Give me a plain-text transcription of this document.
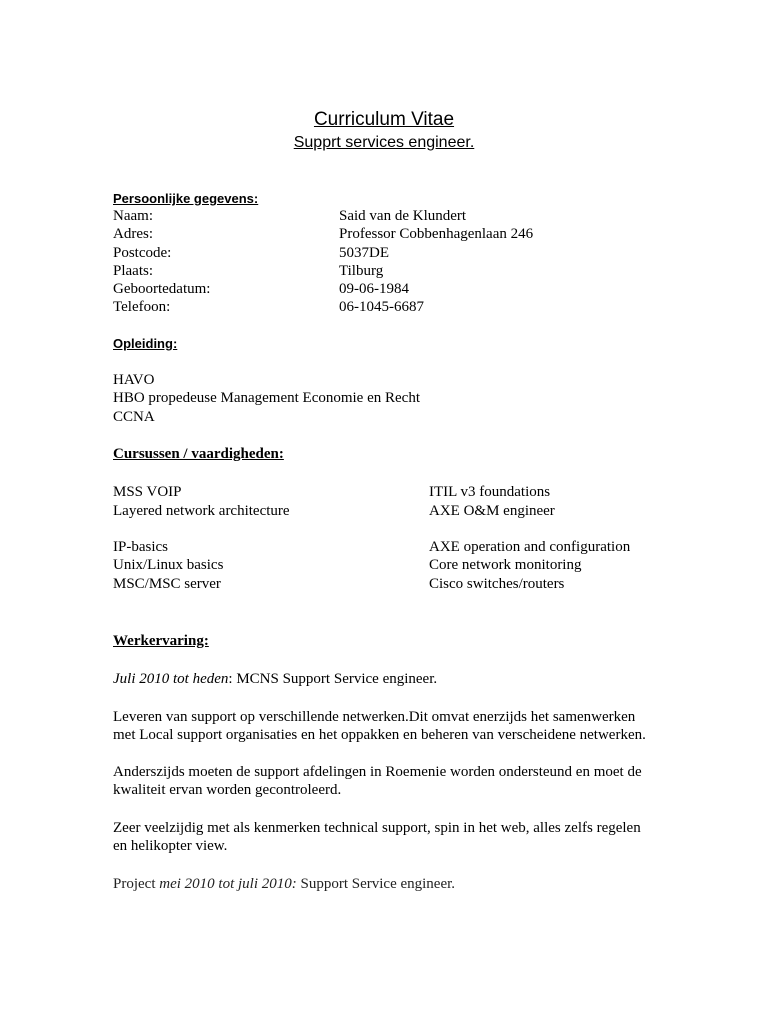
Curriculum Vitae
Supprt services engineer.
Persoonlijke gegevens:
Naam:	Said van de Klundert
Adres:	Professor Cobbenhagenlaan 246
Postcode:	5037DE
Plaats:	Tilburg
Geboortedatum:	09-06-1984
Telefoon:	06-1045-6687
Opleiding:
HAVO
HBO propedeuse Management Economie en Recht
CCNA
Cursussen / vaardigheden:
MSS VOIP	ITIL v3 foundations
Layered network architecture	AXE O&M engineer
IP-basics	AXE operation and configuration
Unix/Linux basics	Core network monitoring
MSC/MSC server	Cisco switches/routers
Werkervaring:
Juli 2010 tot heden: MCNS Support Service engineer.
Leveren van support op verschillende netwerken.Dit omvat enerzijds het samenwerken met Local support organisaties en het oppakken en beheren van verscheidene netwerken.
Anderszijds moeten de support afdelingen in Roemenie worden ondersteund en moet de kwaliteit ervan worden gecontroleerd.
Zeer veelzijdig met als kenmerken technical support, spin in het web, alles zelfs regelen en helikopter view.
Project mei 2010 tot juli 2010: Support Service engineer.
